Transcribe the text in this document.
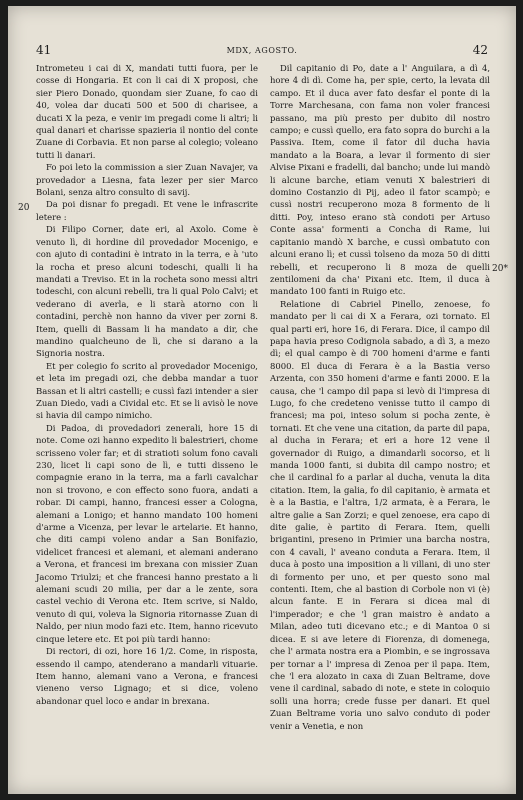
41	MDX, AGOSTO.	42
20
20*

Intrometeu i cai di X, mandati tutti fuora, per le cosse di Hongaria. Et con li cai di X proposi, che sier Piero Donado, quondam sier Zuane, fo cao di 40, volea dar ducati 500 et 500 di charisee, a ducati X la peza, e venir im pregadi come li altri; li qual danari et charisse spazieria il nontio del conte Zuane di Corbavia. Et non parse al colegio; voleano tutti li danari.

Fo poi leto la commission a sier Zuan Navajer, va provedador a Liesna, fata lezer per sier Marco Bolani, senza altro consulto di savij.

Da poi disnar fo pregadi. Et vene le infrascrite letere :

Di Filipo Corner, date eri, al Axolo. Come è venuto lì, di hordine dil provedador Mocenigo, e con ajuto di contadini è intrato in la terra, e à 'uto la rocha et preso alcuni todeschi, qualli li ha mandati a Treviso. Et in la rocheta sono messi altri todeschi, con alcuni rebelli, tra li qual Polo Calvi; et vederano di averla, e li starà atorno con li contadini, perchè non hanno da viver per zorni 8. Item, quelli di Bassam li ha mandato a dir, che mandino qualcheuno de lì, che si darano a la Signoria nostra.

Et per colegio fo scrito al provedador Mocenigo, et leta im pregadi ozi, che debba mandar a tuor Bassan et li altri castelli; e cussì fazi intender a sier Zuan Diedo, vadi a Cividal etc. Et se li avisò le nove si havia dil campo nimicho.

Di Padoa, di provedadori zenerali, hore 15 di note. Come ozi hanno expedito li balestrieri, chome scrisseno voler far; et di stratioti solum fono cavali 230, licet li capi sono de lì, e tutti disseno le compagnie erano in la terra, ma a farli cavalchar non si trovono, e con effecto sono fuora, andati a robar. Di campi, hanno, francesi esser a Cologna, alemani a Lonigo; et hanno mandato 100 homeni d'arme a Vicenza, per levar le artelarie. Et hanno, che diti campi voleno andar a San Bonifazio, videlicet francesi et alemani, et alemani anderano a Verona, et francesi im brexana con missier Zuan Jacomo Triulzi; et che francesi hanno prestato a li alemani scudi 20 milia, per dar a le zente, sora castel vechio di Verona etc. Item scrive, si Naldo, venuto di qui, voleva la Signoria ritornasse Zuan di Naldo, per niun modo fazi etc. Item, hanno ricevuto cinque letere etc. Et poi più tardi hanno:

Di rectori, di ozi, hore 16 1/2. Come, in risposta, essendo il campo, atenderano a mandarli vituarie. Item hanno, alemani vano a Verona, e francesi vieneno verso Lignago; et si dice, voleno abandonar quel loco e andar in brexana.

Dil capitanio di Po, date a l' Anguilara, a dì 4, hore 4 di dì. Come ha, per spie, certo, la levata dil campo. Et il duca aver fato desfar el ponte di la Torre Marchesana, con fama non voler francesi passano, ma più presto per dubito dil nostro campo; e cussì quello, era fato sopra do burchi a la Passiva. Item, come il fator dil ducha havia mandato a la Boara, a levar il formento di sier Alvise Pixani e fradelli, dal bancho; unde lui mandò li alcune barche, etiam venuti X balestrieri di domino Costanzio di Pij, adeo il fator scampò; e cussì nostri recuperono moza 8 formento de li ditti. Poy, inteso erano stà condoti per Artuso Conte assa' formenti a Concha di Rame, lui capitanio mandò X barche, e cussì ombatuto con alcuni erano lì; et cussì tolseno da moza 50 di ditti rebelli, et recuperono li 8 moza de quelli zentilomeni da cha' Pixani etc. Item, il duca à mandato 100 fanti in Ruigo etc.

Relatione di Cabriel Pinello, zenoese, fo mandato per li cai di X a Ferara, ozi tornato. El qual parti eri, hore 16, di Ferara. Dice, il campo dil papa havia preso Codignola sabado, a dì 3, a mezo dì; el qual campo è di 700 homeni d'arme e fanti 8000. El duca di Ferara è a la Bastia verso Arzenta, con 350 homeni d'arme e fanti 2000. E la causa, che 'l campo dil papa si levò di l'impresa di Lugo, fo che credeteno venisse tutto il campo di francesi; ma poi, inteso solum si pocha zente, è tornati. Et che vene una citation, da parte dil papa, al ducha in Ferara; et eri a hore 12 vene il governador di Ruigo, a dimandarli socorso, et li manda 1000 fanti, si dubita dil campo nostro; et che il cardinal fo a parlar al ducha, venuta la dita citation. Item, la galia, fo dil capitanio, è armata et è a la Bastia, e l'altra, 1/2 armata, è a Ferara, le altre galie a San Zorzi; e quel zenoese, era capo di dite galie, è partito di Ferara. Item, quelli brigantini, preseno in Primier una barcha nostra, con 4 cavali, l' aveano conduta a Ferara. Item, il duca à posto una imposition a li villani, di uno ster di formento per uno, et per questo sono mal contenti. Item, che al bastion di Corbole non vi (è) alcun fante. E in Ferara si dicea mal di l'imperador; e che 'l gran maistro è andato a Milan, adeo tuti dicevano etc.; e di Mantoa 0 si dicea. E si ave letere di Fiorenza, di domenega, che l' armata nostra era a Piombin, e se ingrossava per tornar a l' impresa di Zenoa per il papa. Item, che 'l era alozato in caxa di Zuan Beltrame, dove vene il cardinal, sabado di note, e stete in coloquio solli una horra; crede fusse per danari. Et quel Zuan Beltrame voria uno salvo conduto di poder venir a Venetia, e non
